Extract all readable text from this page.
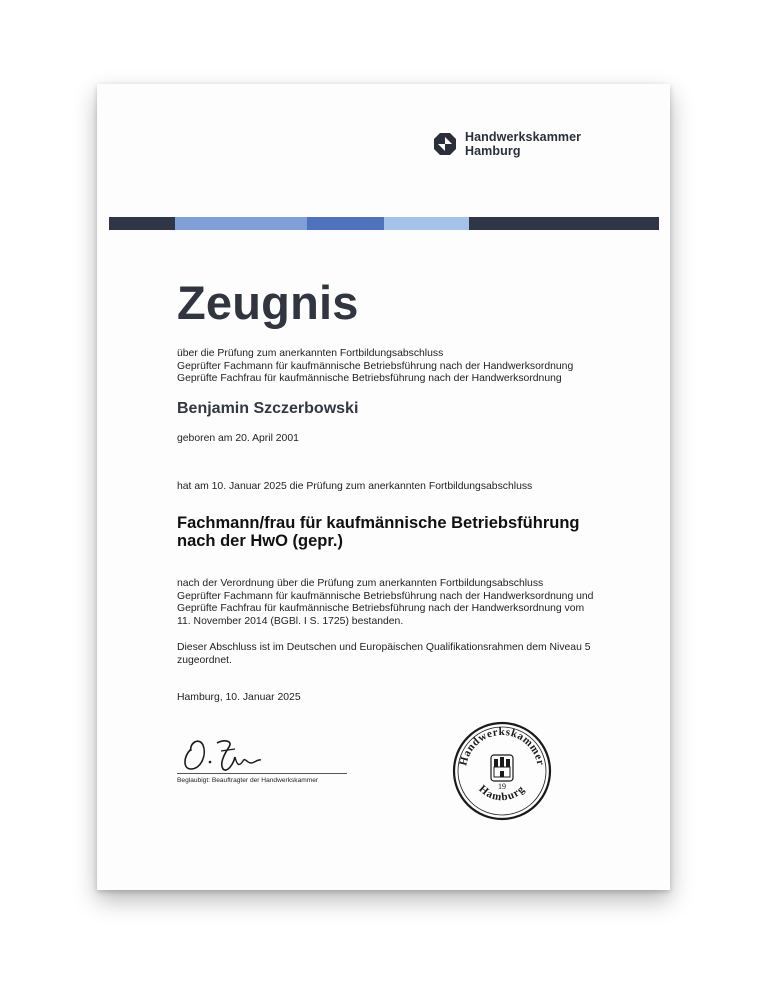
Handwerkskammer
Hamburg
Zeugnis
über die Prüfung zum anerkannten Fortbildungsabschluss
Geprüfter Fachmann für kaufmännische Betriebsführung nach der Handwerksordnung
Geprüfte Fachfrau für kaufmännische Betriebsführung nach der Handwerksordnung
Benjamin Szczerbowski
geboren am 20. April 2001
hat am 10. Januar 2025 die Prüfung zum anerkannten Fortbildungsabschluss
Fachmann/frau für kaufmännische Betriebsführung
nach der HwO (gepr.)
nach der Verordnung über die Prüfung zum anerkannten Fortbildungsabschluss
Geprüfter Fachmann für kaufmännische Betriebsführung nach der Handwerksordnung und
Geprüfte Fachfrau für kaufmännische Betriebsführung nach der Handwerksordnung vom
11. November 2014 (BGBl. I S. 1725) bestanden.
Dieser Abschluss ist im Deutschen und Europäischen Qualifikationsrahmen dem Niveau 5
zugeordnet.
Hamburg, 10. Januar 2025
Beglaubigt: Beauftragter der Handwerkskammer
Handwerkskammer
Hamburg
19
